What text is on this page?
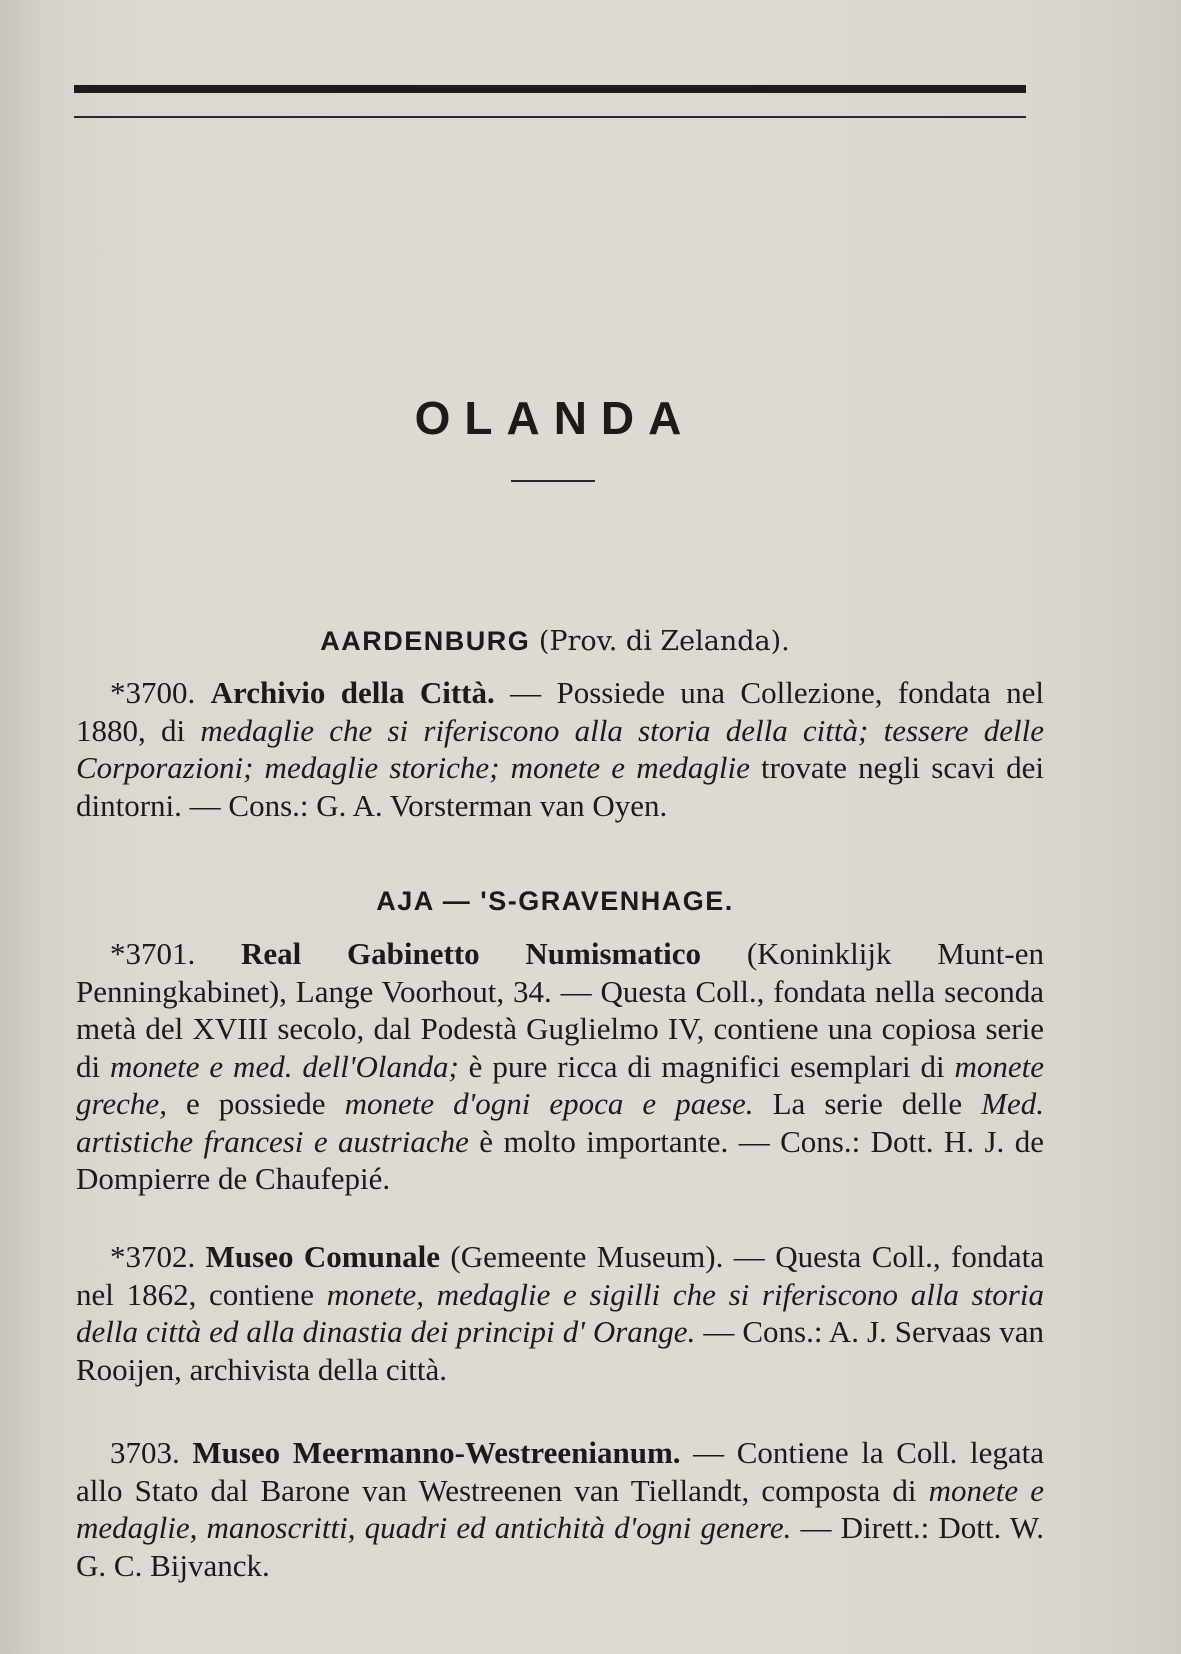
OLANDA
AARDENBURG (Prov. di Zelanda).
*3700. Archivio della Città. — Possiede una Collezione, fondata nel 1880, di medaglie che si riferiscono alla storia della città; tessere delle Corporazioni; medaglie storiche; monete e medaglie trovate negli scavi dei dintorni. — Cons.: G. A. Vorsterman van Oyen.
AJA — 'S-GRAVENHAGE.
*3701. Real Gabinetto Numismatico (Koninklijk Munt-en Penningkabinet), Lange Voorhout, 34. — Questa Coll., fondata nella seconda metà del XVIII secolo, dal Podestà Guglielmo IV, contiene una copiosa serie di monete e med. dell'Olanda; è pure ricca di magnifici esemplari di monete greche, e possiede monete d'ogni epoca e paese. La serie delle Med. artistiche francesi e austriache è molto importante. — Cons.: Dott. H. J. de Dompierre de Chaufepié.
*3702. Museo Comunale (Gemeente Museum). — Questa Coll., fondata nel 1862, contiene monete, medaglie e sigilli che si riferiscono alla storia della città ed alla dinastia dei principi d' Orange. — Cons.: A. J. Servaas van Rooijen, archivista della città.
3703. Museo Meermanno-Westreenianum. — Contiene la Coll. legata allo Stato dal Barone van Westreenen van Tiellandt, composta di monete e medaglie, manoscritti, quadri ed antichità d'ogni genere. — Dirett.: Dott. W. G. C. Bijvanck.
